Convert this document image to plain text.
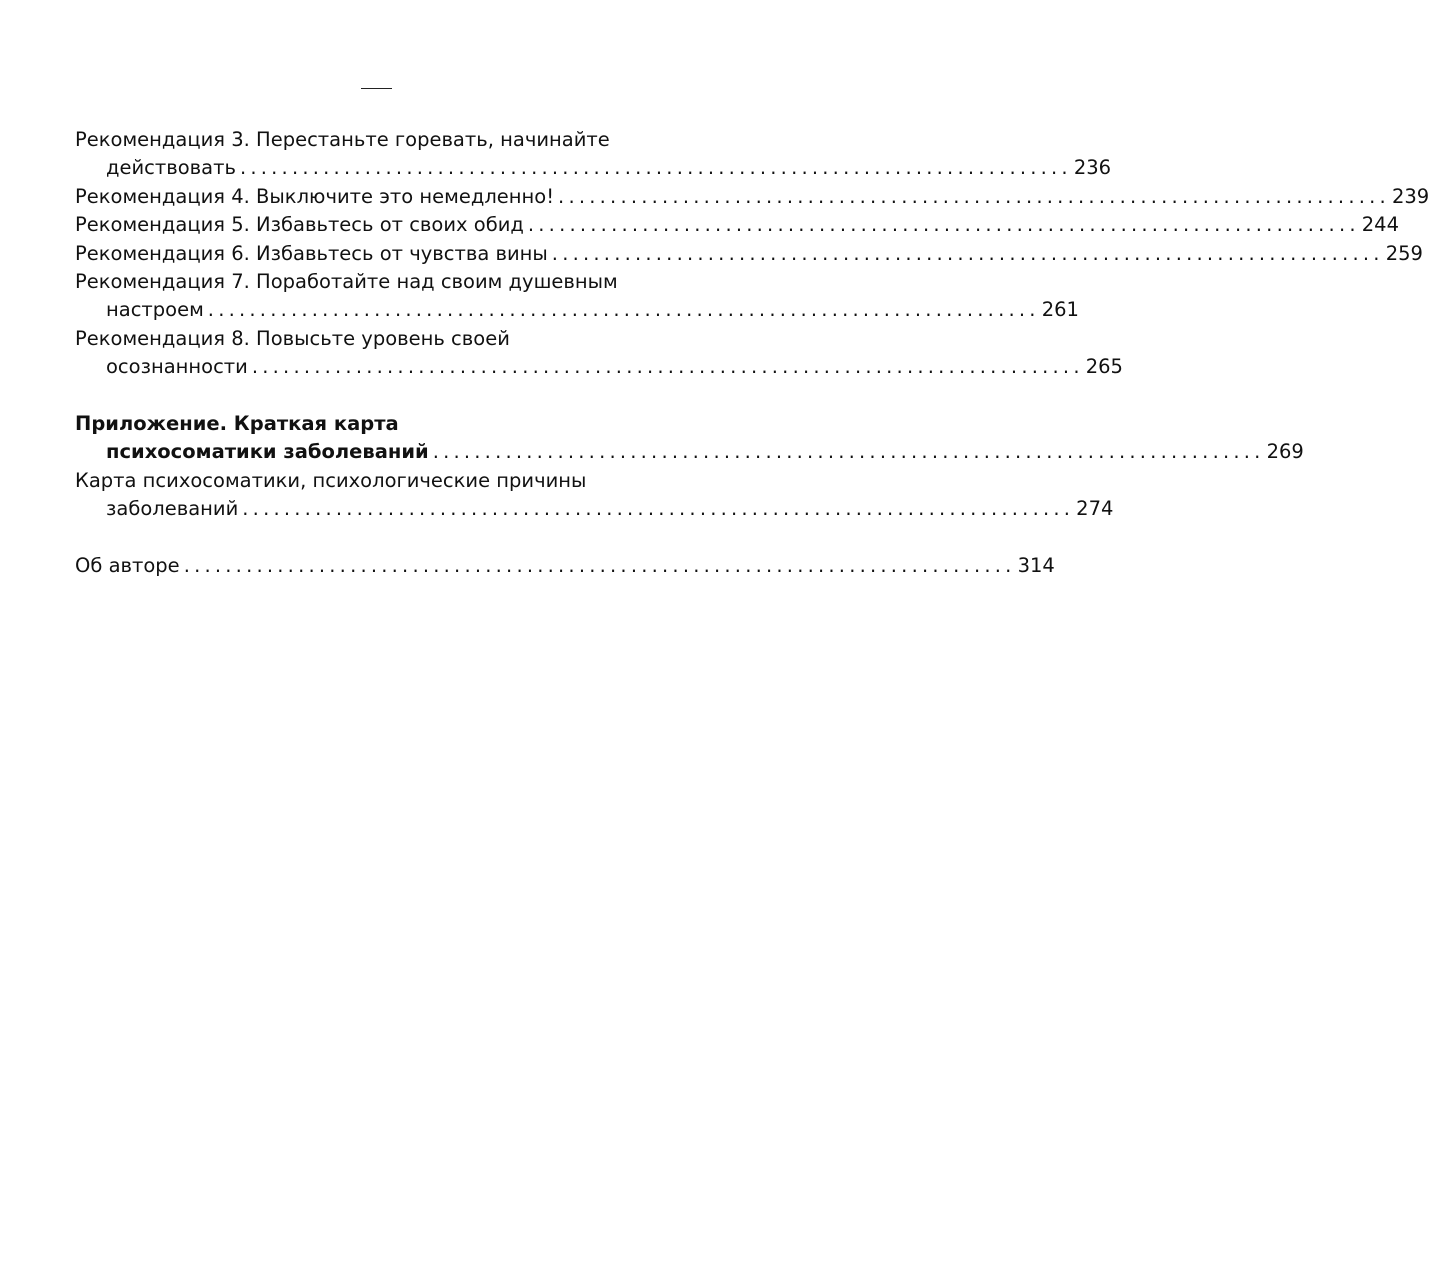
Рекомендация 3. Перестаньте горевать, начинайте
действовать ................................................................................ 236
Рекомендация 4. Выключите это немедленно! ................................................................................ 239
Рекомендация 5. Избавьтесь от своих обид ................................................................................ 244
Рекомендация 6. Избавьтесь от чувства вины ................................................................................ 259
Рекомендация 7. Поработайте над своим душевным
настроем ................................................................................ 261
Рекомендация 8. Повысьте уровень своей
осознанности ................................................................................ 265
Приложение. Краткая карта
психосоматики заболеваний ................................................................................ 269
Карта психосоматики, психологические причины
заболеваний ................................................................................ 274
Об авторе ................................................................................ 314
